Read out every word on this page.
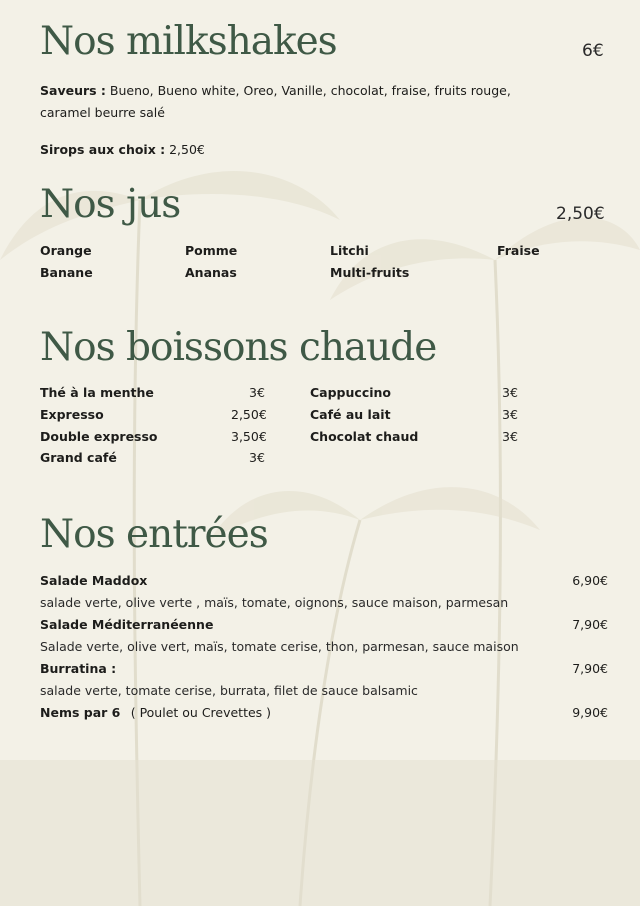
Nos milkshakes	6€
Saveurs : Bueno, Bueno white, Oreo, Vanille, chocolat, fraise, fruits rouge,
caramel beurre salé
Sirops aux choix : 2,50€
Nos jus	2,50€
Orange	Pomme	Litchi	Fraise
Banane	Ananas	Multi-fruits
Nos boissons chaude
Thé à la menthe	3€
Expresso	2,50€
Double expresso	3,50€
Grand café	3€
Cappuccino	3€
Café au lait	3€
Chocolat chaud	3€
Nos entrées
Salade Maddox	6,90€
salade verte, olive verte , maïs, tomate, oignons, sauce maison, parmesan
Salade Méditerranéenne	7,90€
Salade verte, olive vert, maïs, tomate cerise, thon, parmesan, sauce maison
Burratina :	7,90€
salade verte, tomate cerise, burrata, filet de sauce balsamic
Nems par 6 ( Poulet ou Crevettes )	9,90€
